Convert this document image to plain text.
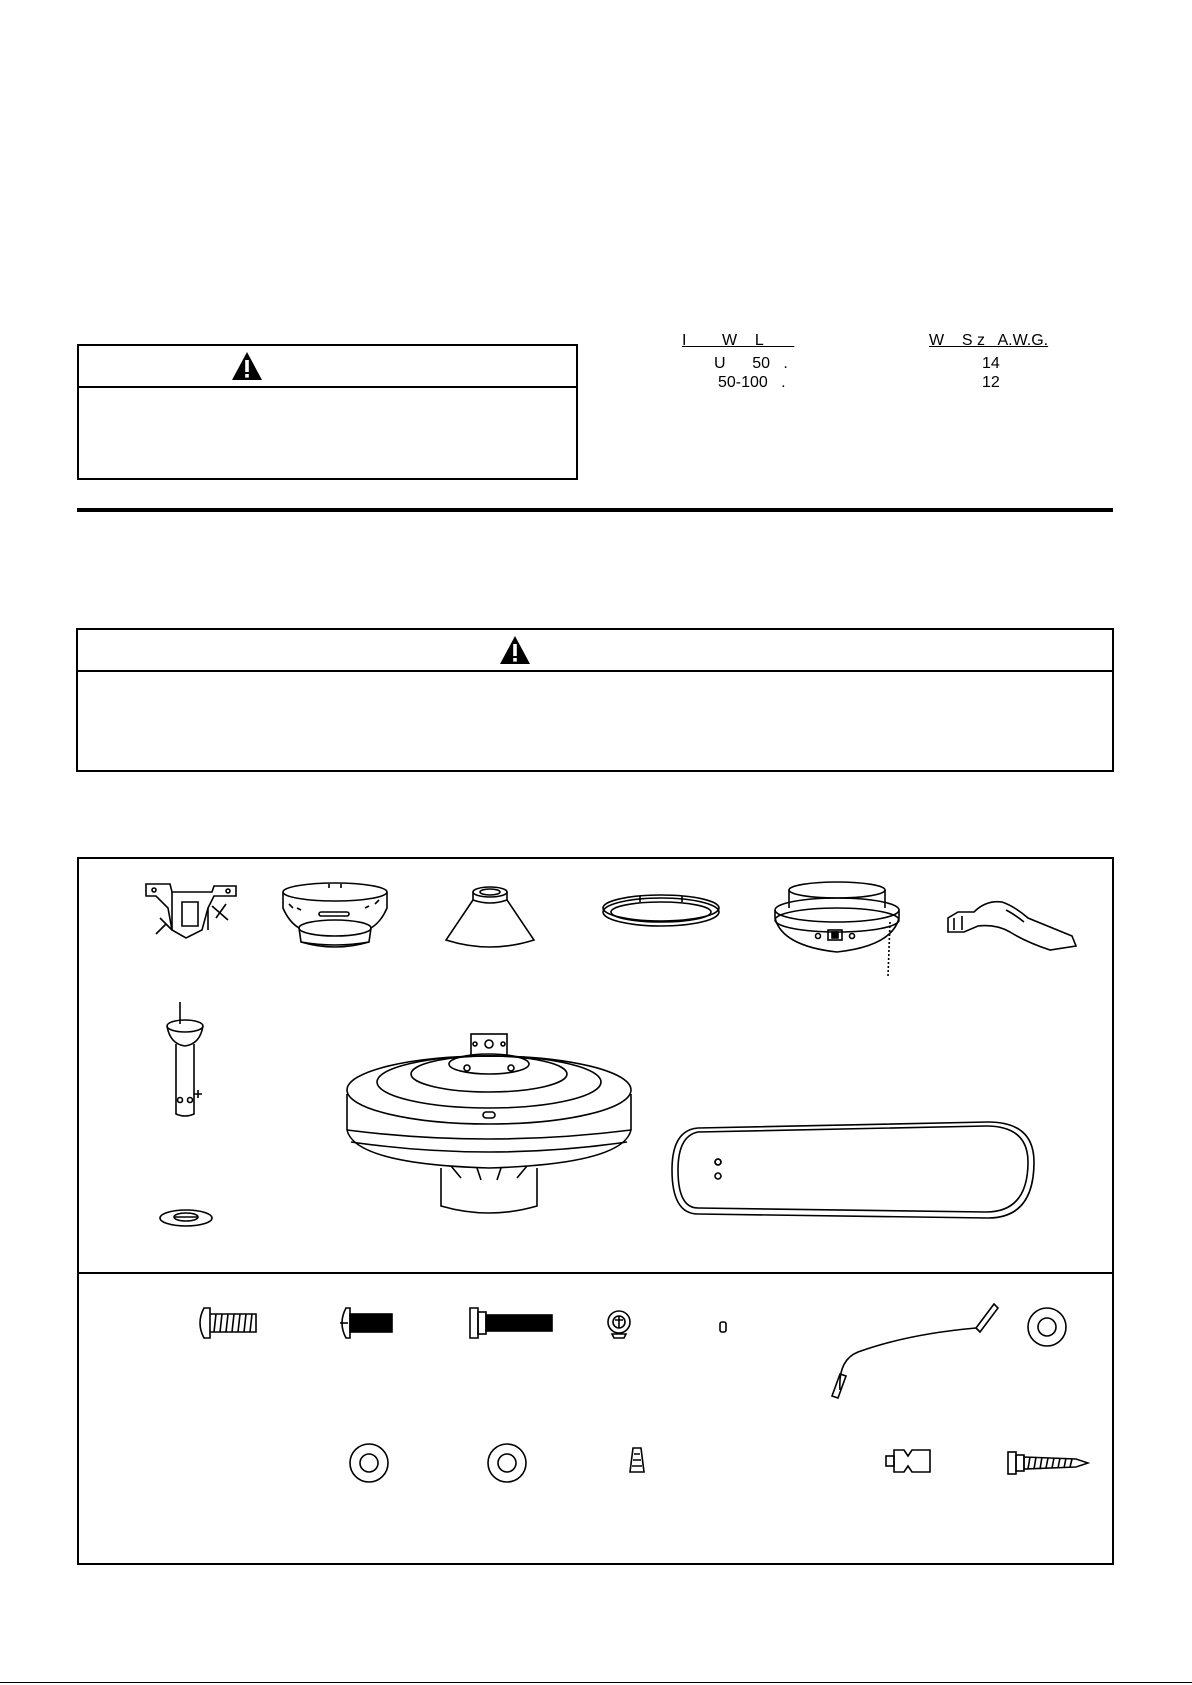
I        W    L	W    S z   A.W.G.
U      50   .	14
50-100   .	12
